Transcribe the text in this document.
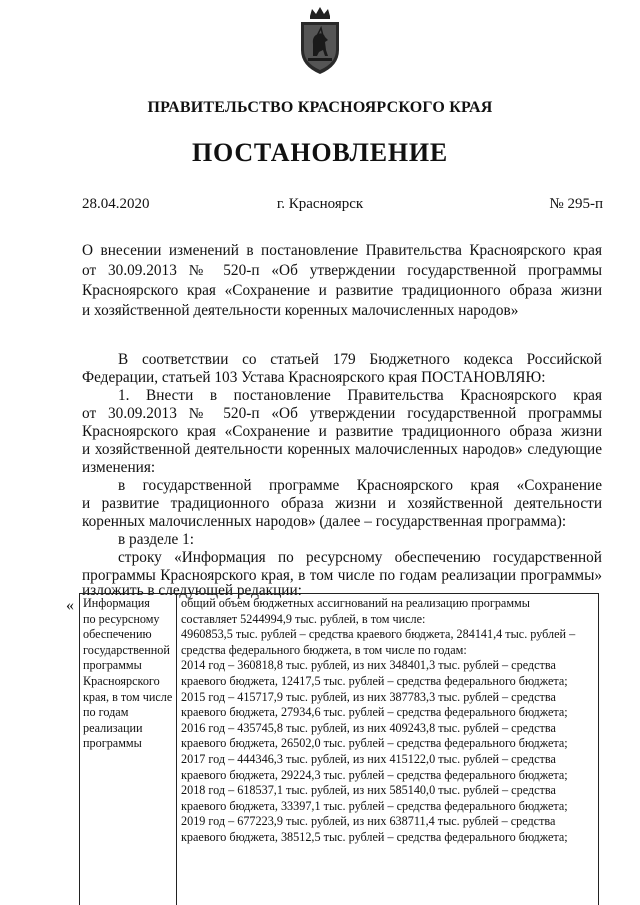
ПРАВИТЕЛЬСТВО КРАСНОЯРСКОГО КРАЯ
ПОСТАНОВЛЕНИЕ
28.04.2020	г. Красноярск	№ 295-п
О внесении изменений в постановление Правительства Красноярского края
от 30.09.2013 № 520-п «Об утверждении государственной программы
Красноярского края «Сохранение и развитие традиционного образа жизни
и хозяйственной деятельности коренных малочисленных народов»
В соответствии со статьей 179 Бюджетного кодекса Российской
Федерации, статьей 103 Устава Красноярского края ПОСТАНОВЛЯЮ:
1. Внести в постановление Правительства Красноярского края
от 30.09.2013 № 520-п «Об утверждении государственной программы
Красноярского края «Сохранение и развитие традиционного образа жизни
и хозяйственной деятельности коренных малочисленных народов» следующие
изменения:
в государственной программе Красноярского края «Сохранение
и развитие традиционного образа жизни и хозяйственной деятельности
коренных малочисленных народов» (далее – государственная программа):
в разделе 1:
строку «Информация по ресурсному обеспечению государственной
программы Красноярского края, в том числе по годам реализации программы»
изложить в следующей редакции:
« Информация
по ресурсному
обеспечению
государственной
программы
Красноярского
края, в том числе
по годам
реализации
программы
общий объем бюджетных ассигнований на реализацию программы
составляет 5244994,9 тыс. рублей, в том числе:
4960853,5 тыс. рублей – средства краевого бюджета, 284141,4 тыс. рублей –
средства федерального бюджета, в том числе по годам:
2014 год – 360818,8 тыс. рублей, из них 348401,3 тыс. рублей – средства
краевого бюджета, 12417,5 тыс. рублей – средства федерального бюджета;
2015 год – 415717,9 тыс. рублей, из них 387783,3 тыс. рублей – средства
краевого бюджета, 27934,6 тыс. рублей – средства федерального бюджета;
2016 год – 435745,8 тыс. рублей, из них 409243,8 тыс. рублей – средства
краевого бюджета, 26502,0 тыс. рублей – средства федерального бюджета;
2017 год – 444346,3 тыс. рублей, из них 415122,0 тыс. рублей – средства
краевого бюджета, 29224,3 тыс. рублей – средства федерального бюджета;
2018 год – 618537,1 тыс. рублей, из них 585140,0 тыс. рублей – средства
краевого бюджета, 33397,1 тыс. рублей – средства федерального бюджета;
2019 год – 677223,9 тыс. рублей, из них 638711,4 тыс. рублей – средства
краевого бюджета, 38512,5 тыс. рублей – средства федерального бюджета;
